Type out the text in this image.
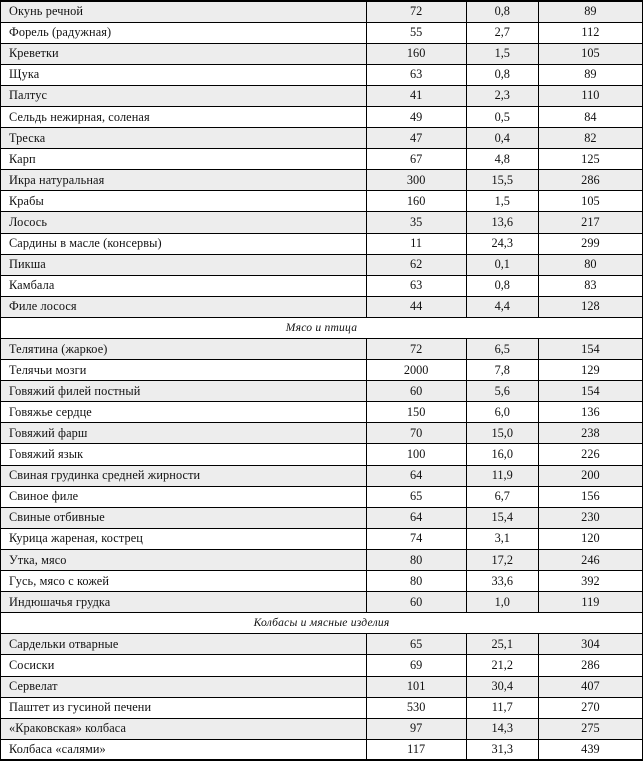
Окунь речной	72	0,8	89
Форель (радужная)	55	2,7	112
Креветки	160	1,5	105
Щука	63	0,8	89
Палтус	41	2,3	110
Сельдь нежирная, соленая	49	0,5	84
Треска	47	0,4	82
Карп	67	4,8	125
Икра натуральная	300	15,5	286
Крабы	160	1,5	105
Лосось	35	13,6	217
Сардины в масле (консервы)	11	24,3	299
Пикша	62	0,1	80
Камбала	63	0,8	83
Филе лосося	44	4,4	128
Мясо и птица			
Телятина (жаркое)	72	6,5	154
Телячьи мозги	2000	7,8	129
Говяжий филей постный	60	5,6	154
Говяжье сердце	150	6,0	136
Говяжий фарш	70	15,0	238
Говяжий язык	100	16,0	226
Свиная грудинка средней жирности	64	11,9	200
Свиное филе	65	6,7	156
Свиные отбивные	64	15,4	230
Курица жареная, кострец	74	3,1	120
Утка, мясо	80	17,2	246
Гусь, мясо с кожей	80	33,6	392
Индюшачья грудка	60	1,0	119
Колбасы и мясные изделия			
Сардельки отварные	65	25,1	304
Сосиски	69	21,2	286
Сервелат	101	30,4	407
Паштет из гусиной печени	530	11,7	270
«Краковская» колбаса	97	14,3	275
Колбаса «салями»	117	31,3	439
